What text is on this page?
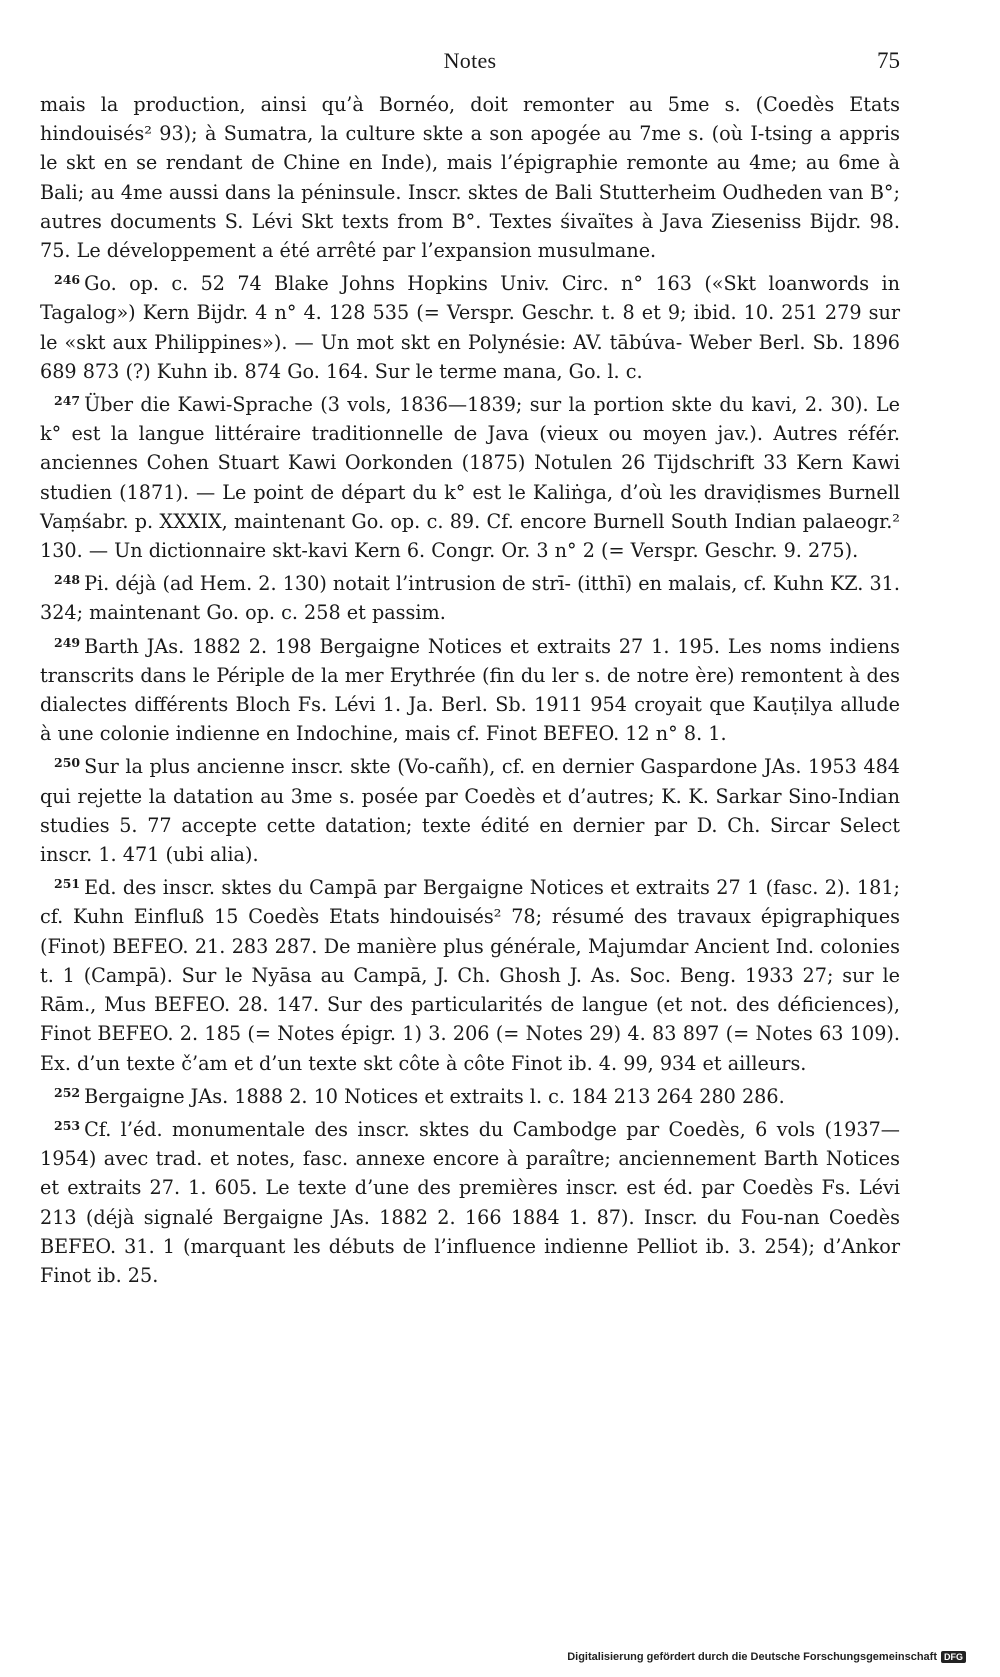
Notes	75

mais la production, ainsi qu’à Bornéo, doit remonter au 5me s. (Coedès Etats hindouisés² 93); à Sumatra, la culture skte a son apogée au 7me s. (où I-tsing a appris le skt en se rendant de Chine en Inde), mais l’épigraphie remonte au 4me; au 6me à Bali; au 4me aussi dans la péninsule. Inscr. sktes de Bali Stutterheim Oudheden van B°; autres documents S. Lévi Skt texts from B°. Textes śivaïtes à Java Zieseniss Bijdr. 98. 75. Le développement a été arrêté par l’expansion musulmane.

$^{246}$ Go. op. c. 52 74 Blake Johns Hopkins Univ. Circ. n° 163 («Skt loanwords in Tagalog») Kern Bijdr. 4 n° 4. 128 535 (= Verspr. Geschr. t. 8 et 9; ibid. 10. 251 279 sur le «skt aux Philippines»). — Un mot skt en Polynésie: AV. tābúva- Weber Berl. Sb. 1896 689 873 (?) Kuhn ib. 874 Go. 164. Sur le terme mana, Go. l. c.

$^{247}$ Über die Kawi-Sprache (3 vols, 1836—1839; sur la portion skte du kavi, 2. 30). Le k° est la langue littéraire traditionnelle de Java (vieux ou moyen jav.). Autres référ. anciennes Cohen Stuart Kawi Oorkonden (1875) Notulen 26 Tijdschrift 33 Kern Kawi studien (1871). — Le point de départ du k° est le Kaliṅga, d’où les draviḍismes Burnell Vaṃśabr. p. XXXIX, maintenant Go. op. c. 89. Cf. encore Burnell South Indian palaeogr.² 130. — Un dictionnaire skt-kavi Kern 6. Congr. Or. 3 n° 2 (= Verspr. Geschr. 9. 275).

$^{248}$ Pi. déjà (ad Hem. 2. 130) notait l’intrusion de strī- (itthī) en malais, cf. Kuhn KZ. 31. 324; maintenant Go. op. c. 258 et passim.

$^{249}$ Barth JAs. 1882 2. 198 Bergaigne Notices et extraits 27 1. 195. Les noms indiens transcrits dans le Périple de la mer Erythrée (fin du ler s. de notre ère) remontent à des dialectes différents Bloch Fs. Lévi 1. Ja. Berl. Sb. 1911 954 croyait que Kauṭilya allude à une colonie indienne en Indochine, mais cf. Finot BEFEO. 12 n° 8. 1.

$^{250}$ Sur la plus ancienne inscr. skte (Vo-cañh), cf. en dernier Gaspardone JAs. 1953 484 qui rejette la datation au 3me s. posée par Coedès et d’autres; K. K. Sarkar Sino-Indian studies 5. 77 accepte cette datation; texte édité en dernier par D. Ch. Sircar Select inscr. 1. 471 (ubi alia).

$^{251}$ Ed. des inscr. sktes du Campā par Bergaigne Notices et extraits 27 1 (fasc. 2). 181; cf. Kuhn Einfluß 15 Coedès Etats hindouisés² 78; résumé des travaux épigraphiques (Finot) BEFEO. 21. 283 287. De manière plus générale, Majumdar Ancient Ind. colonies t. 1 (Campā). Sur le Nyāsa au Campā, J. Ch. Ghosh J. As. Soc. Beng. 1933 27; sur le Rām., Mus BEFEO. 28. 147. Sur des particularités de langue (et not. des déficiences), Finot BEFEO. 2. 185 (= Notes épigr. 1) 3. 206 (= Notes 29) 4. 83 897 (= Notes 63 109). Ex. d’un texte č’am et d’un texte skt côte à côte Finot ib. 4. 99, 934 et ailleurs.

$^{252}$ Bergaigne JAs. 1888 2. 10 Notices et extraits l. c. 184 213 264 280 286.

$^{253}$ Cf. l’éd. monumentale des inscr. sktes du Cambodge par Coedès, 6 vols (1937—1954) avec trad. et notes, fasc. annexe encore à paraître; anciennement Barth Notices et extraits 27. 1. 605. Le texte d’une des premières inscr. est éd. par Coedès Fs. Lévi 213 (déjà signalé Bergaigne JAs. 1882 2. 166 1884 1. 87). Inscr. du Fou-nan Coedès BEFEO. 31. 1 (marquant les débuts de l’influence indienne Pelliot ib. 3. 254); d’Ankor Finot ib. 25.

Digitalisierung gefördert durch die Deutsche Forschungsgemeinschaft DFG
